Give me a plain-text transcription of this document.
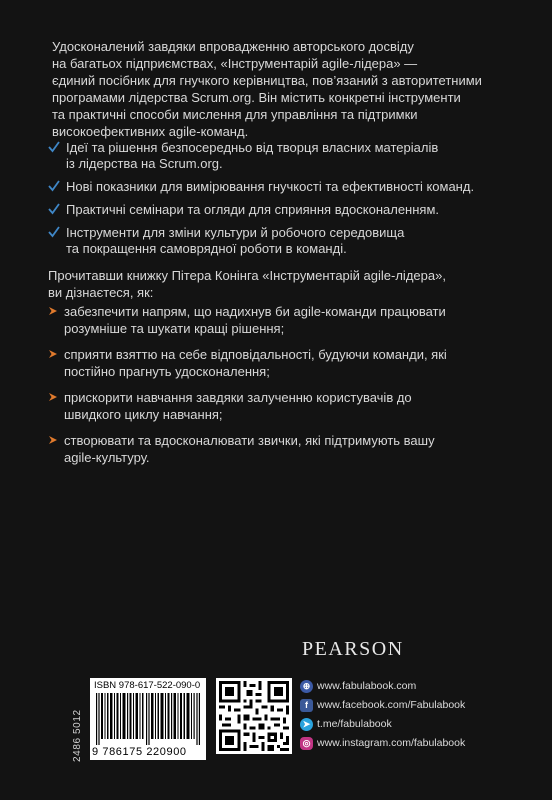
Удосконалений завдяки впровадженню авторського досвіду
на багатьох підприємствах, «Інструментарій agile-лідера» —
єдиний посібник для гнучкого керівництва, пов’язаний з авторитетними
програмами лідерства Scrum.org. Він містить конкретні інструменти
та практичні способи мислення для управління та підтримки
високоефективних agile-команд.

Ідеї та рішення безпосередньо від творця власних матеріалів
із лідерства на Scrum.org.
Нові показники для вимірювання гнучкості та ефективності команд.
Практичні семінари та огляди для сприяння вдосконаленням.
Інструменти для зміни культури й робочого середовища
та покращення самоврядної роботи в команді.

Прочитавши книжку Пітера Конінга «Інструментарій agile-лідера»,
ви дізнаєтеся, як:

забезпечити напрям, що надихнув би agile-команди працювати
розумніше та шукати кращі рішення;
сприяти взяттю на себе відповідальності, будуючи команди, які
постійно прагнуть удосконалення;
прискорити навчання завдяки залученню користувачів до
швидкого циклу навчання;
створювати та вдосконалювати звички, які підтримують вашу
agile-культуру.
PEARSON
2486 5012
ISBN 978-617-522-090-0
9 786175 220900
⊕ www.fabulabook.com
f www.facebook.com/Fabulabook
➤ t.me/fabulabook
◎ www.instagram.com/fabulabook
